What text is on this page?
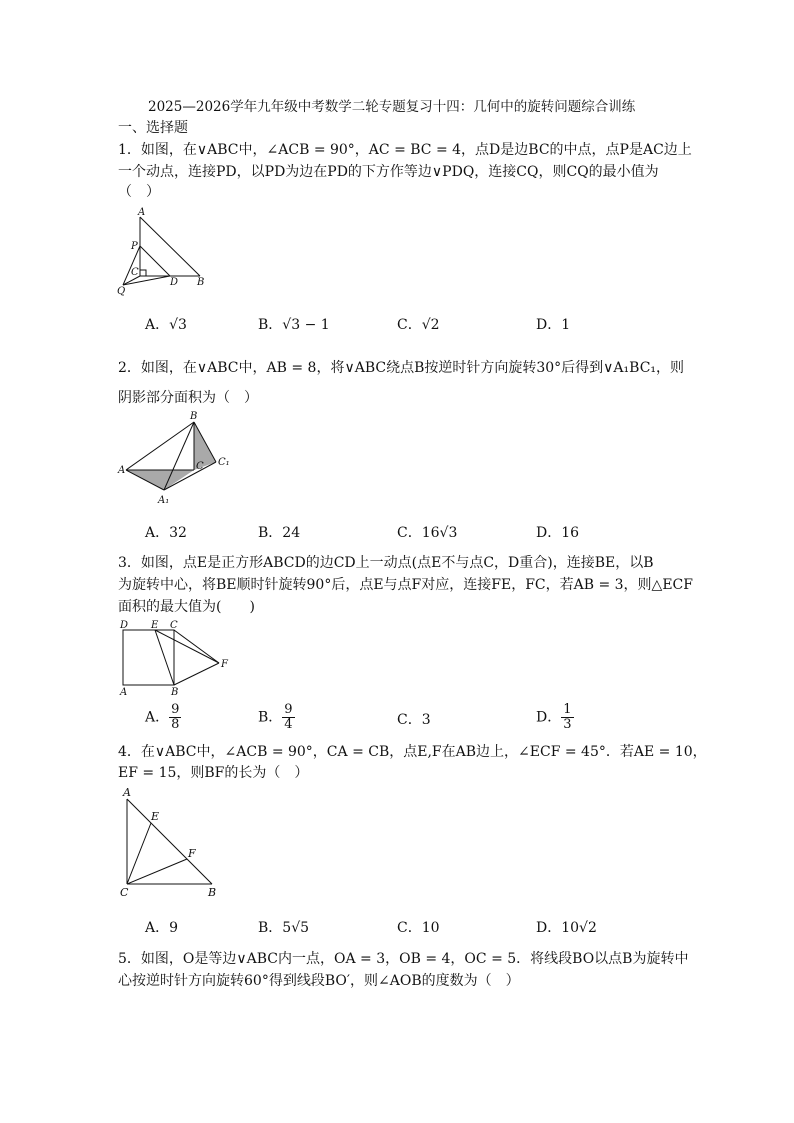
2025—2026学年九年级中考数学二轮专题复习十四：几何中的旋转问题综合训练
一、选择题
1．如图，在∨ABC中，∠ACB = 90°，AC = BC = 4，点D是边BC的中点，点P是AC边上
一个动点，连接PD，以PD为边在PD的下方作等边∨PDQ，连接CQ，则CQ的最小值为
（　）
A
P
C
Q
D B
A．√3	B．√3 − 1	C．√2	D．1
2．如图，在∨ABC中，AB = 8，将∨ABC绕点B按逆时针方向旋转30°后得到∨A₁BC₁，则
阴影部分面积为（　）
B
A	C C₁
A₁
A．32	B．24	C．16√3	D．16
3．如图，点E是正方形ABCD的边CD上一动点(点E不与点C，D重合)，连接BE，以B
为旋转中心，将BE顺时针旋转90°后，点E与点F对应，连接FE，FC，若AB = 3，则△ECF
面积的最大值为(　　)
D E C
A	B
F
A． $\frac{9}{8}$	B． $\frac{9}{4}$	C．3	D． $\frac{1}{3}$
4．在∨ABC中，∠ACB = 90°，CA = CB，点E,F在AB边上，∠ECF = 45°．若AE = 10，
EF = 15，则BF的长为（　）
A
E
F
C	B
A．9	B．5√5	C．10	D．10√2
5．如图，O是等边∨ABC内一点，OA = 3，OB = 4，OC = 5．将线段BO以点B为旋转中
心按逆时针方向旋转60°得到线段BO′，则∠AOB的度数为（　）
